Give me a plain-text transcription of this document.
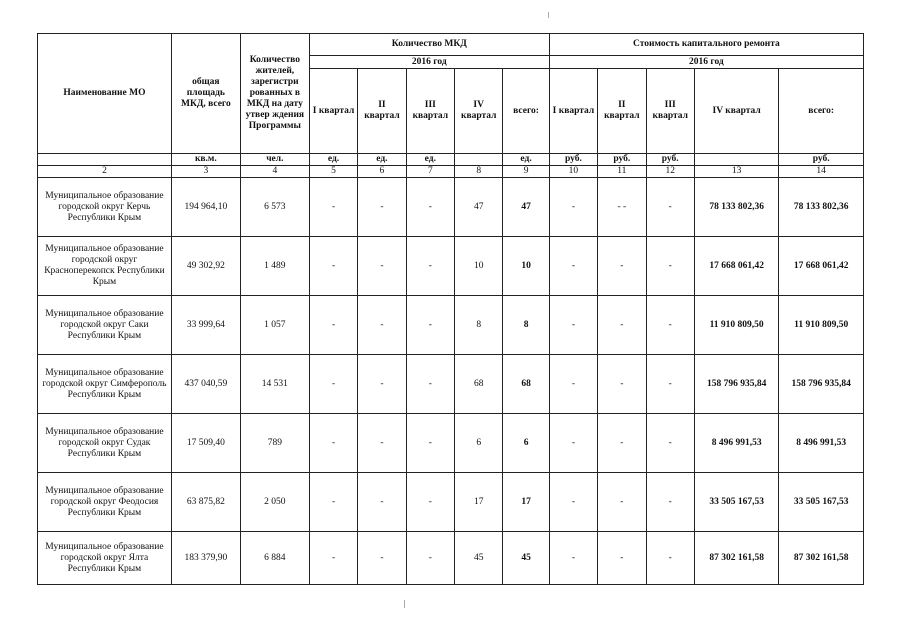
Наименование МО	общая площадь МКД, всего	Количество жителей, зарегистри рованных в МКД на дату утвер ждения Программы	Количество МКД					Стоимость капитального ремонта				
			2016 год					2016 год				
			I квартал	II квартал	III квартал	IV квартал	всего:	I квартал	II квартал	III квартал	IV квартал	всего:
	кв.м.	чел.	ед.	ед.	ед.		ед.	руб.	руб.	руб.		руб.
2	3	4	5	6	7	8	9	10	11	12	13	14
Муниципальное образование городской округ Керчь Республики Крым	194 964,10	6 573	-	-	-	47	47	-	- -	-	78 133 802,36	78 133 802,36
Муниципальное образование городской округ Красноперекопск Республики Крым	49 302,92	1 489	-	-	-	10	10	-	-	-	17 668 061,42	17 668 061,42
Муниципальное образование городской округ Саки Республики Крым	33 999,64	1 057	-	-	-	8	8	-	-	-	11 910 809,50	11 910 809,50
Муниципальное образование городской округ Симферополь Республики Крым	437 040,59	14 531	-	-	-	68	68	-	-	-	158 796 935,84	158 796 935,84
Муниципальное образование городской округ Судак Республики Крым	17 509,40	789	-	-	-	6	6	-	-	-	8 496 991,53	8 496 991,53
Муниципальное образование городской округ Феодосия Республики Крым	63 875,82	2 050	-	-	-	17	17	-	-	-	33 505 167,53	33 505 167,53
Муниципальное образование городской округ Ялта Республики Крым	183 379,90	6 884	-	-	-	45	45	-	-	-	87 302 161,58	87 302 161,58
